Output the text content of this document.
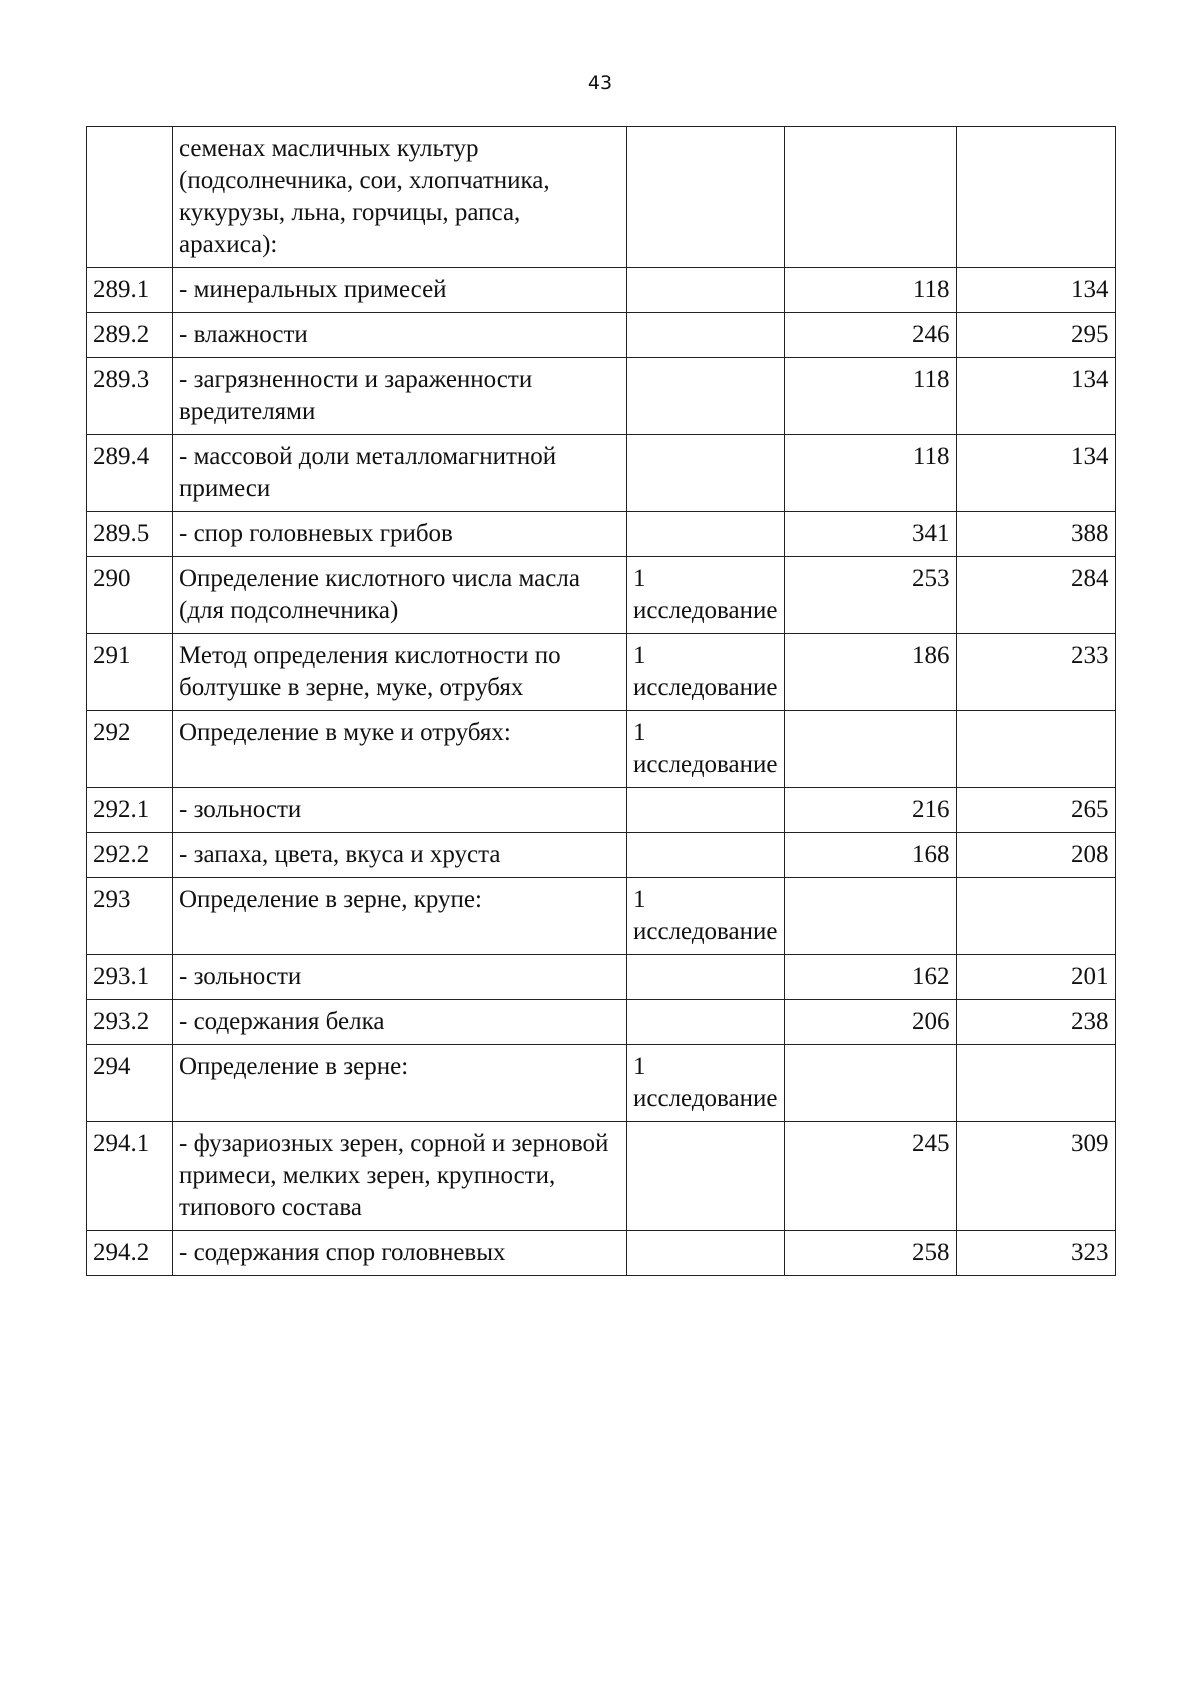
43
	семенах масличных культур (подсолнечника, сои, хлопчатника, кукурузы, льна, горчицы, рапса, арахиса):			
289.1	- минеральных примесей		118	134
289.2	- влажности		246	295
289.3	- загрязненности и зараженности вредителями		118	134
289.4	- массовой доли металломагнитной примеси		118	134
289.5	- спор головневых грибов		341	388
290	Определение кислотного числа масла (для подсолнечника)	1 исследование	253	284
291	Метод определения кислотности по болтушке в зерне, муке, отрубях	1 исследование	186	233
292	Определение в муке и отрубях:	1 исследование		
292.1	- зольности		216	265
292.2	- запаха, цвета, вкуса и хруста		168	208
293	Определение в зерне, крупе:	1 исследование		
293.1	- зольности		162	201
293.2	- содержания белка		206	238
294	Определение в зерне:	1 исследование		
294.1	- фузариозных зерен, сорной и зерновой примеси, мелких зерен, крупности, типового состава		245	309
294.2	- содержания спор головневых		258	323
